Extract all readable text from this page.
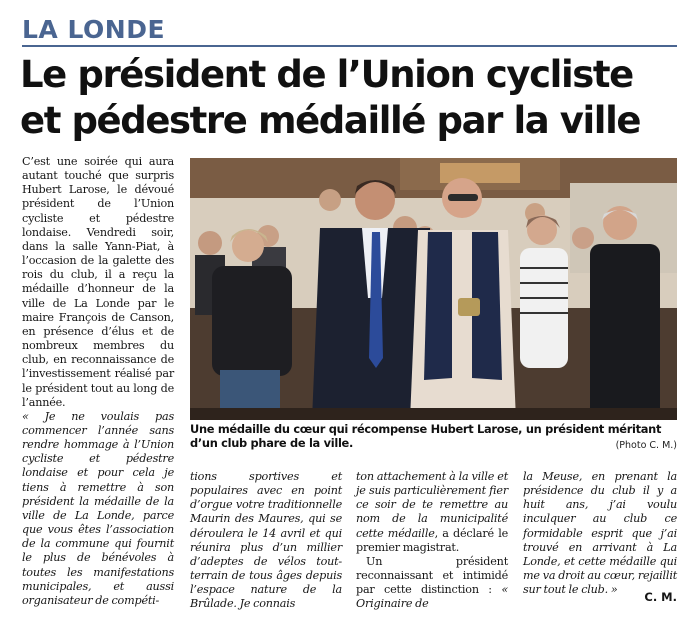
LA LONDE
Le président de l’Union cycliste
et pédestre médaillé par la ville

C’est une soirée qui aura autant touché que surpris Hubert Larose, le dévoué président de l’Union cycliste et pédestre londaise. Vendredi soir, dans la salle Yann-Piat, à l’occasion de la galette des rois du club, il a reçu la médaille d’honneur de la ville de La Londe par le maire François de Canson, en présence d’élus et de nombreux membres du club, en reconnaissance de l’investissement réalisé par le président tout au long de l’année.

« Je ne voulais pas commencer l’année sans rendre hommage à l’Union cycliste et pédestre londaise et pour cela je tiens à remettre à son président la médaille de la ville de La Londe, parce que vous êtes l’association de la commune qui fournit le plus de bénévoles à toutes les manifestations municipales, et aussi organisateur de compéti-

Une médaille du cœur qui récompense Hubert Larose, un président méritant d’un club phare de la ville.	(Photo C. M.)

tions sportives et populaires avec en point d’orgue votre traditionnelle Maurin des Maures, qui se déroulera le 14 avril et qui réunira plus d’un millier d’adeptes de vélos tout-terrain de tous âges depuis l’espace nature de la Brûlade. Je connais

ton attachement à la ville et je suis particulièrement fier ce soir de te remettre au nom de la municipalité cette médaille, a déclaré le premier magistrat.

Un président reconnaissant et intimidé par cette distinction : « Originaire de

la Meuse, en prenant la présidence du club il y a huit ans, j’ai voulu inculquer au club ce formidable esprit que j’ai trouvé en arrivant à La Londe, et cette médaille qui me va droit au cœur, rejaillit sur tout le club. »

C. M.
